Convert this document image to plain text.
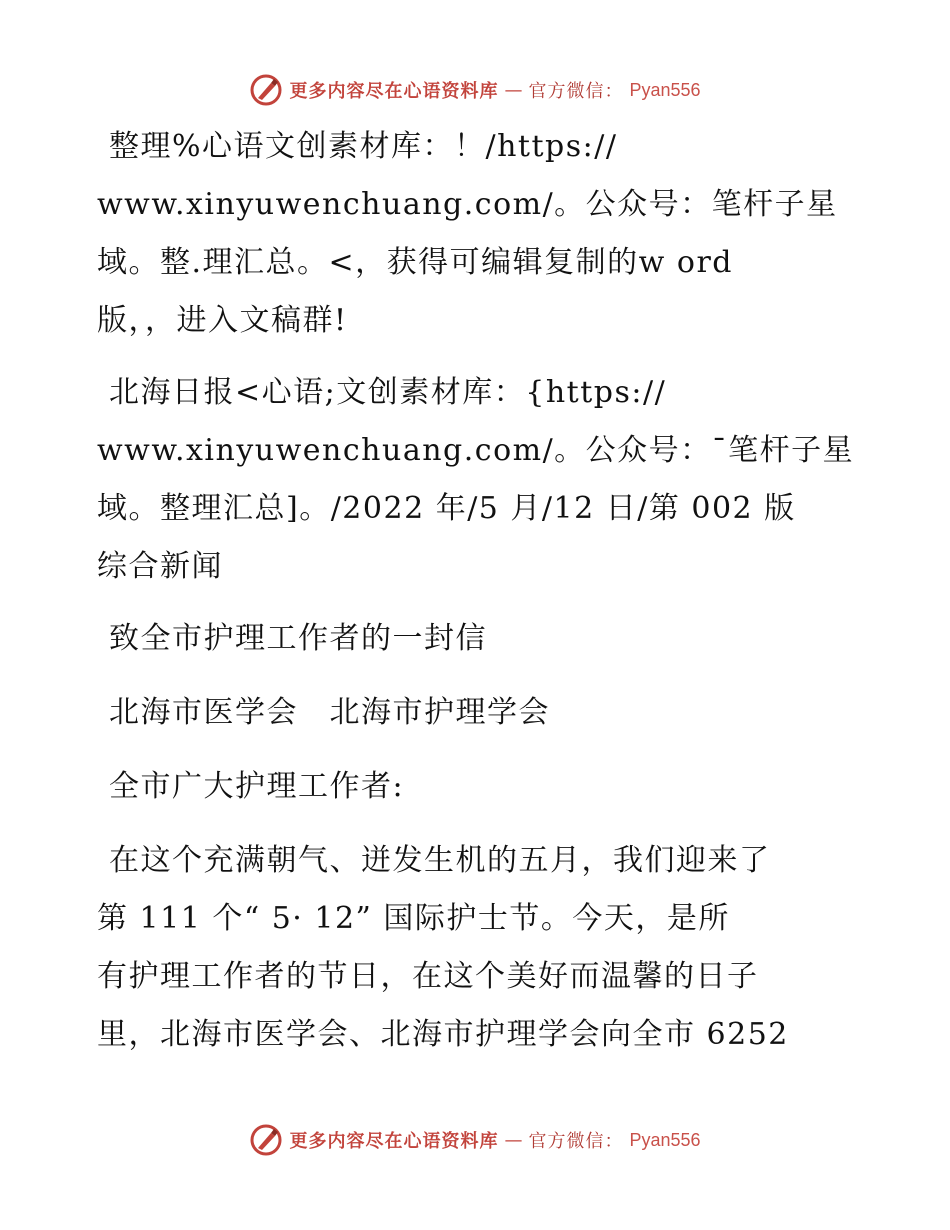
更多内容尽在心语资料库 — 官方微信： Pyan556

整理%心语文创素材库：！/https://
www.xinyuwenchuang.com/。公众号：笔杆子星
域。整.理汇总。<，获得可编辑复制的w ord
版，，进入文稿群!

北海日报<心语;文创素材库：{https://
www.xinyuwenchuang.com/。公众号：¯笔杆子星
域。整理汇总]。/2022 年/5 月/12 日/第 002 版
综合新闻

致全市护理工作者的一封信

北海市医学会　北海市护理学会

全市广大护理工作者:

在这个充满朝气、迸发生机的五月，我们迎来了
第 111 个“ 5· 12” 国际护士节。今天，是所
有护理工作者的节日，在这个美好而温馨的日子
里，北海市医学会、北海市护理学会向全市 6252

更多内容尽在心语资料库 — 官方微信： Pyan556
